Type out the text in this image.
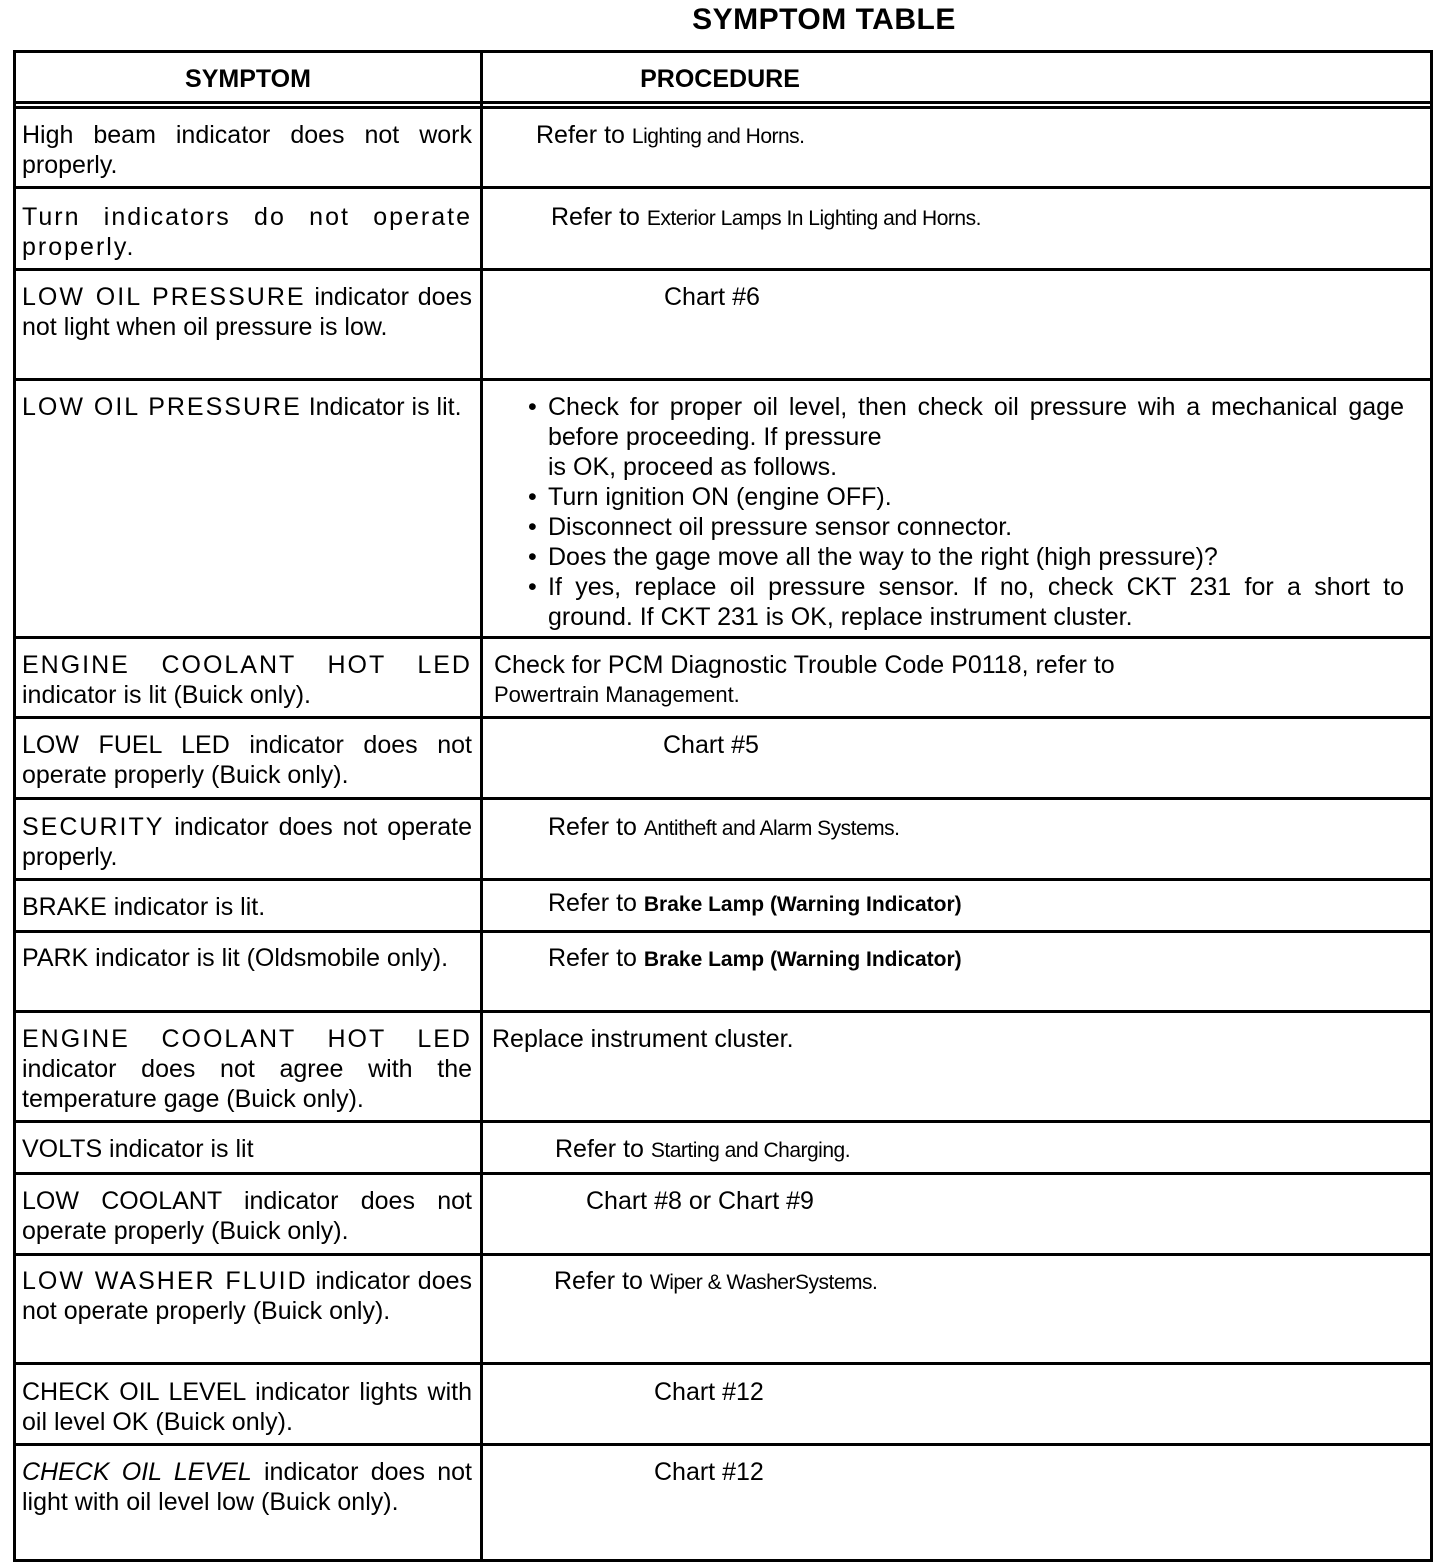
SYMPTOM TABLE
SYMPTOM	PROCEDURE
High beam indicator does not work properly.
Refer to Lighting and Horns.
Turn indicators do not operate properly.
Refer to Exterior Lamps In Lighting and Horns.
LOW OIL PRESSURE indicator does not light when oil pressure is low.
Chart #6
LOW OIL PRESSURE Indicator is lit.
•	Check for proper oil level, then check oil pressure wih a mechanical gage before proceeding. If pressure
is OK, proceed as follows.
• Turn ignition ON (engine OFF).
• Disconnect oil pressure sensor connector.
• Does the gage move all the way to the right (high pressure)?
• If yes, replace oil pressure sensor. If no, check CKT 231 for a short to ground. If CKT 231 is OK, replace instrument cluster.
ENGINE COOLANT HOT LED indicator is lit (Buick only).
Check for PCM Diagnostic Trouble Code P0118, refer to
Powertrain Management.
LOW FUEL LED indicator does not operate properly (Buick only).
Chart #5
SECURITY indicator does not operate properly.
Refer to Antitheft and Alarm Systems.
BRAKE indicator is lit.	Refer to Brake Lamp (Warning Indicator)
PARK indicator is lit (Oldsmobile only).	Refer to Brake Lamp (Warning Indicator)
ENGINE COOLANT HOT LED indicator does not agree with the temperature gage (Buick only).
Replace instrument cluster.
VOLTS indicator is lit	Refer to Starting and Charging.
LOW COOLANT indicator does not operate properly (Buick only).
Chart #8 or Chart #9
LOW WASHER FLUID indicator does not operate properly (Buick only).
Refer to Wiper & WasherSystems.
CHECK OIL LEVEL indicator lights with oil level OK (Buick only).
Chart #12
CHECK OIL LEVEL indicator does not light with oil level low (Buick only).
Chart #12
